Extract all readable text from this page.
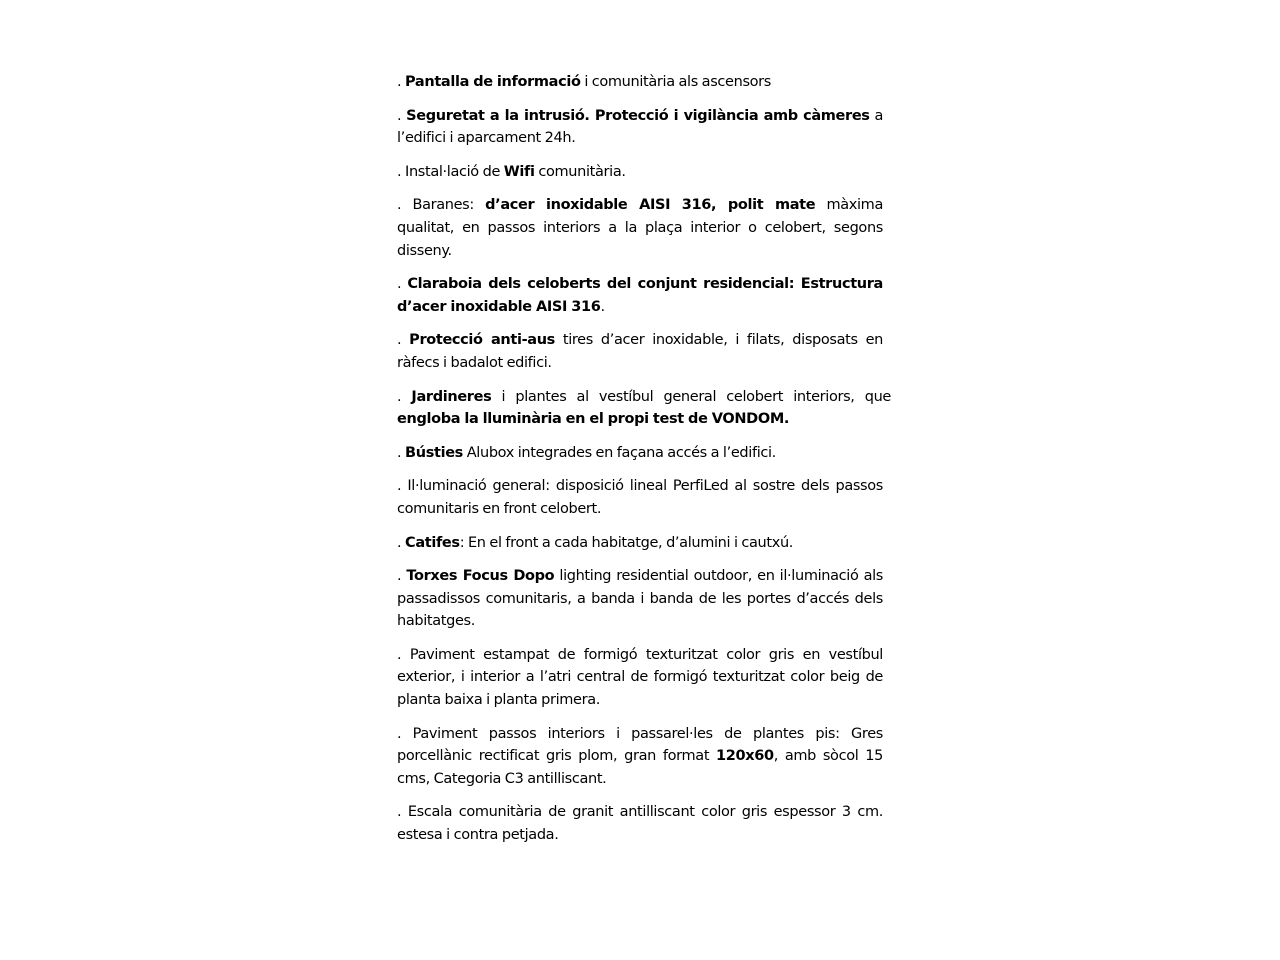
. Pantalla de informació i comunitària als ascensors

. Seguretat a la intrusió. Protecció i vigilància amb càmeres a l’edifici i aparcament 24h.

. Instal·lació de Wifi comunitària.

. Baranes: d’acer inoxidable AISI 316, polit mate màxima qualitat, en passos interiors a la plaça interior o celobert, segons disseny.

. Claraboia dels celoberts del conjunt residencial: Estructura d’acer inoxidable AISI 316.

. Protecció anti-aus tires d’acer inoxidable, i filats, disposats en ràfecs i badalot edifici.

. Jardineres i plantes al vestíbul general celobert interiors, que engloba la lluminària en el propi test de VONDOM.

. Bústies Alubox integrades en façana accés a l’edifici.

. Il·luminació general: disposició lineal PerfiLed al sostre dels passos comunitaris en front celobert.

. Catifes: En el front a cada habitatge, d’alumini i cautxú.

. Torxes Focus Dopo lighting residential outdoor, en il·luminació als passadissos comunitaris, a banda i banda de les portes d’accés dels habitatges.

. Paviment estampat de formigó texturitzat color gris en vestíbul exterior, i interior a l’atri central de formigó texturitzat color beig de planta baixa i planta primera.

. Paviment passos interiors i passarel·les de plantes pis: Gres porcellànic rectificat gris plom, gran format 120x60, amb sòcol 15 cms, Categoria C3 antilliscant.

. Escala comunitària de granit antilliscant color gris espessor 3 cm. estesa i contra petjada.
